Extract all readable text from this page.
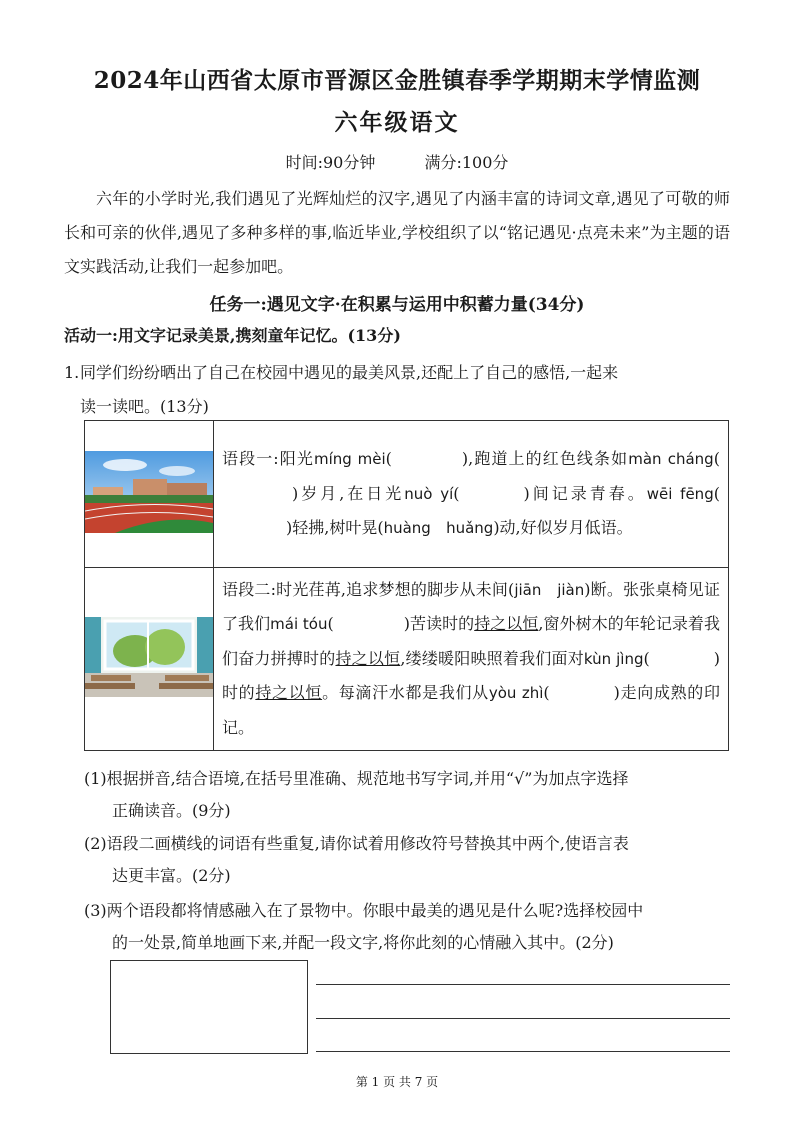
2024年山西省太原市晋源区金胜镇春季学期期末学情监测
六年级语文
时间:90分钟	满分:100分
六年的小学时光,我们遇见了光辉灿烂的汉字,遇见了内涵丰富的诗词文章,遇见了可敬的师长和可亲的伙伴,遇见了多种多样的事,临近毕业,学校组织了以“铭记遇见·点亮未来”为主题的语文实践活动,让我们一起参加吧。
任务一:遇见文字·在积累与运用中积蓄力量(34分)
活动一:用文字记录美景,携刻童年记忆。(13分)
1.同学们纷纷晒出了自己在校园中遇见的最美风景,还配上了自己的感悟,一起来
读一读吧。(13分)
	语段一:阳光míng mèi( ),跑道上的红色线条如màn cháng()岁月,在日光nuò yí( )间记录青春。wēi fēng()轻拂,树叶晃(huàng huǎng)动,好似岁月低语。
	语段二:时光荏苒,追求梦想的脚步从未间(jiān jiàn)断。张张桌椅见证了我们mái tóu( )苦读时的持之以恒,窗外树木的年轮记录着我们奋力拼搏时的持之以恒,缕缕暖阳映照着我们面对kùn jìng( )时的持之以恒。每滴汗水都是我们从yòu zhì( )走向成熟的印记。
(1)根据拼音,结合语境,在括号里准确、规范地书写字词,并用“√”为加点字选择
正确读音。(9分)
(2)语段二画横线的词语有些重复,请你试着用修改符号替换其中两个,使语言表
达更丰富。(2分)
(3)两个语段都将情感融入在了景物中。你眼中最美的遇见是什么呢?选择校园中
的一处景,简单地画下来,并配一段文字,将你此刻的心情融入其中。(2分)
第 1 页 共 7 页
